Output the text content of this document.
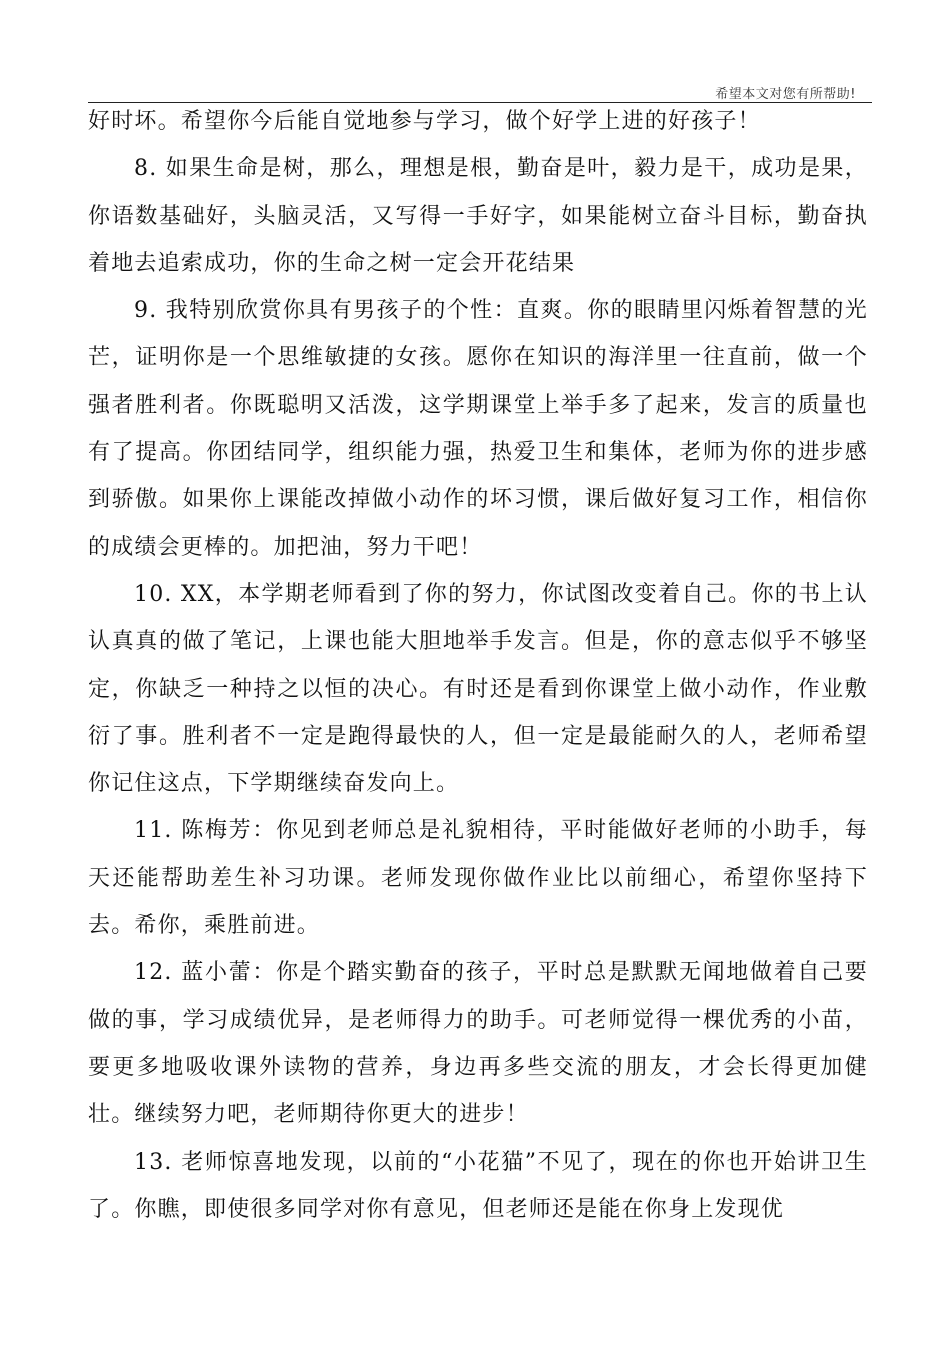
希望本文对您有所帮助!

好时坏。希望你今后能自觉地参与学习，做个好学上进的好孩子！

8. 如果生命是树，那么，理想是根，勤奋是叶，毅力是干，成功是果，你语数基础好，头脑灵活，又写得一手好字，如果能树立奋斗目标，勤奋执着地去追索成功，你的生命之树一定会开花结果

9. 我特别欣赏你具有男孩子的个性：直爽。你的眼睛里闪烁着智慧的光芒，证明你是一个思维敏捷的女孩。愿你在知识的海洋里一往直前，做一个强者胜利者。你既聪明又活泼，这学期课堂上举手多了起来，发言的质量也有了提高。你团结同学，组织能力强，热爱卫生和集体，老师为你的进步感到骄傲。如果你上课能改掉做小动作的坏习惯，课后做好复习工作，相信你的成绩会更棒的。加把油，努力干吧！

10. XX，本学期老师看到了你的努力，你试图改变着自己。你的书上认认真真的做了笔记，上课也能大胆地举手发言。但是，你的意志似乎不够坚定，你缺乏一种持之以恒的决心。有时还是看到你课堂上做小动作，作业敷衍了事。胜利者不一定是跑得最快的人，但一定是最能耐久的人，老师希望你记住这点，下学期继续奋发向上。

11. 陈梅芳：你见到老师总是礼貌相待，平时能做好老师的小助手，每天还能帮助差生补习功课。老师发现你做作业比以前细心，希望你坚持下去。希你，乘胜前进。

12. 蓝小蕾：你是个踏实勤奋的孩子，平时总是默默无闻地做着自己要做的事，学习成绩优异，是老师得力的助手。可老师觉得一棵优秀的小苗，要更多地吸收课外读物的营养，身边再多些交流的朋友，才会长得更加健壮。继续努力吧，老师期待你更大的进步！

13. 老师惊喜地发现，以前的“小花猫”不见了，现在的你也开始讲卫生了。你瞧，即使很多同学对你有意见，但老师还是能在你身上发现优
